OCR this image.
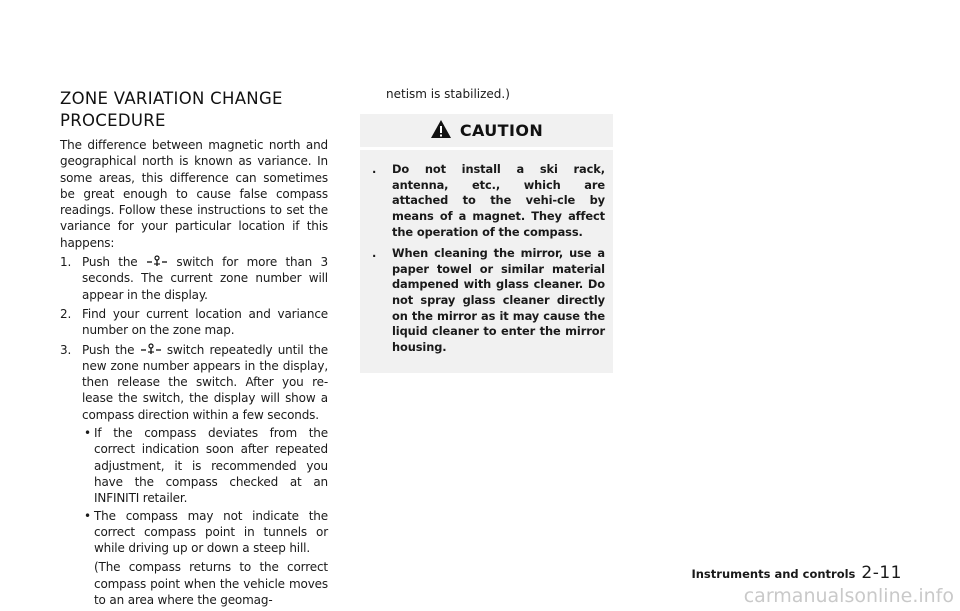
ZONE VARIATION CHANGE
PROCEDURE

The difference between magnetic north and geographical north is known as variance. In some areas, this difference can sometimes be great enough to cause false compass readings. Follow these instructions to set the variance for your particular location if this happens:

1. Push the	switch for more than 3 seconds. The current zone number will appear in the display.
2. Find your current location and variance number on the zone map.
3. Push the	switch repeatedly until the new zone number appears in the display, then release the switch. After you re-lease the switch, the display will show a compass direction within a few seconds.
• If the compass deviates from the correct indication soon after repeated adjustment, it is recommended you have the compass checked at an INFINITI retailer.
• The compass may not indicate the correct compass point in tunnels or while driving up or down a steep hill.

(The compass returns to the correct compass point when the vehicle moves to an area where the geomag-

netism is stabilized.)

CAUTION
.	Do not install a ski rack, antenna, etc., which are attached to the vehi-cle by means of a magnet. They affect the operation of the compass.
.	When cleaning the mirror, use a paper towel or similar material dampened with glass cleaner. Do not spray glass cleaner directly on the mirror as it may cause the liquid cleaner to enter the mirror housing.
Instruments and controls 2-11
carmanualsonline.info
